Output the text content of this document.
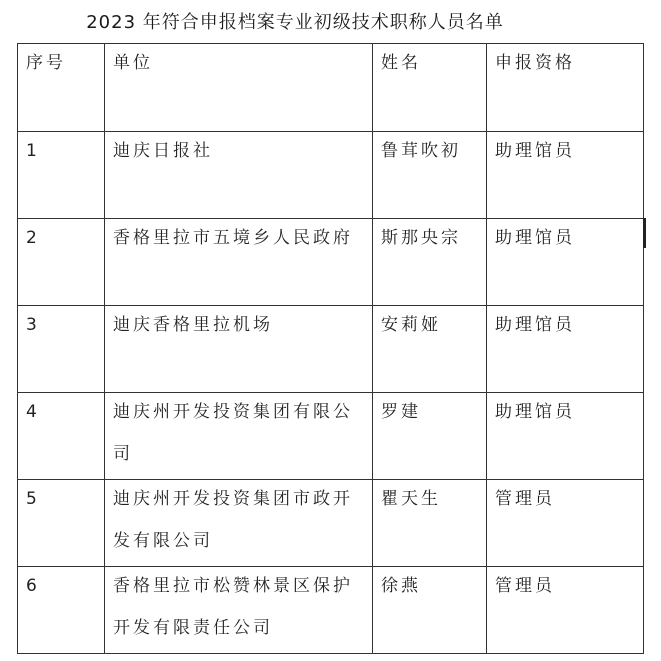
2023 年符合申报档案专业初级技术职称人员名单
序号	单位	姓名	申报资格

1	迪庆日报社	鲁茸吹初	助理馆员

2	香格里拉市五境乡人民政府	斯那央宗	助理馆员

3	迪庆香格里拉机场	安莉娅	助理馆员

4	迪庆州开发投资集团有限公司	罗建	助理馆员

5	迪庆州开发投资集团市政开发有限公司	瞿天生	管理员

6	香格里拉市松赞林景区保护开发有限责任公司	徐燕	管理员
